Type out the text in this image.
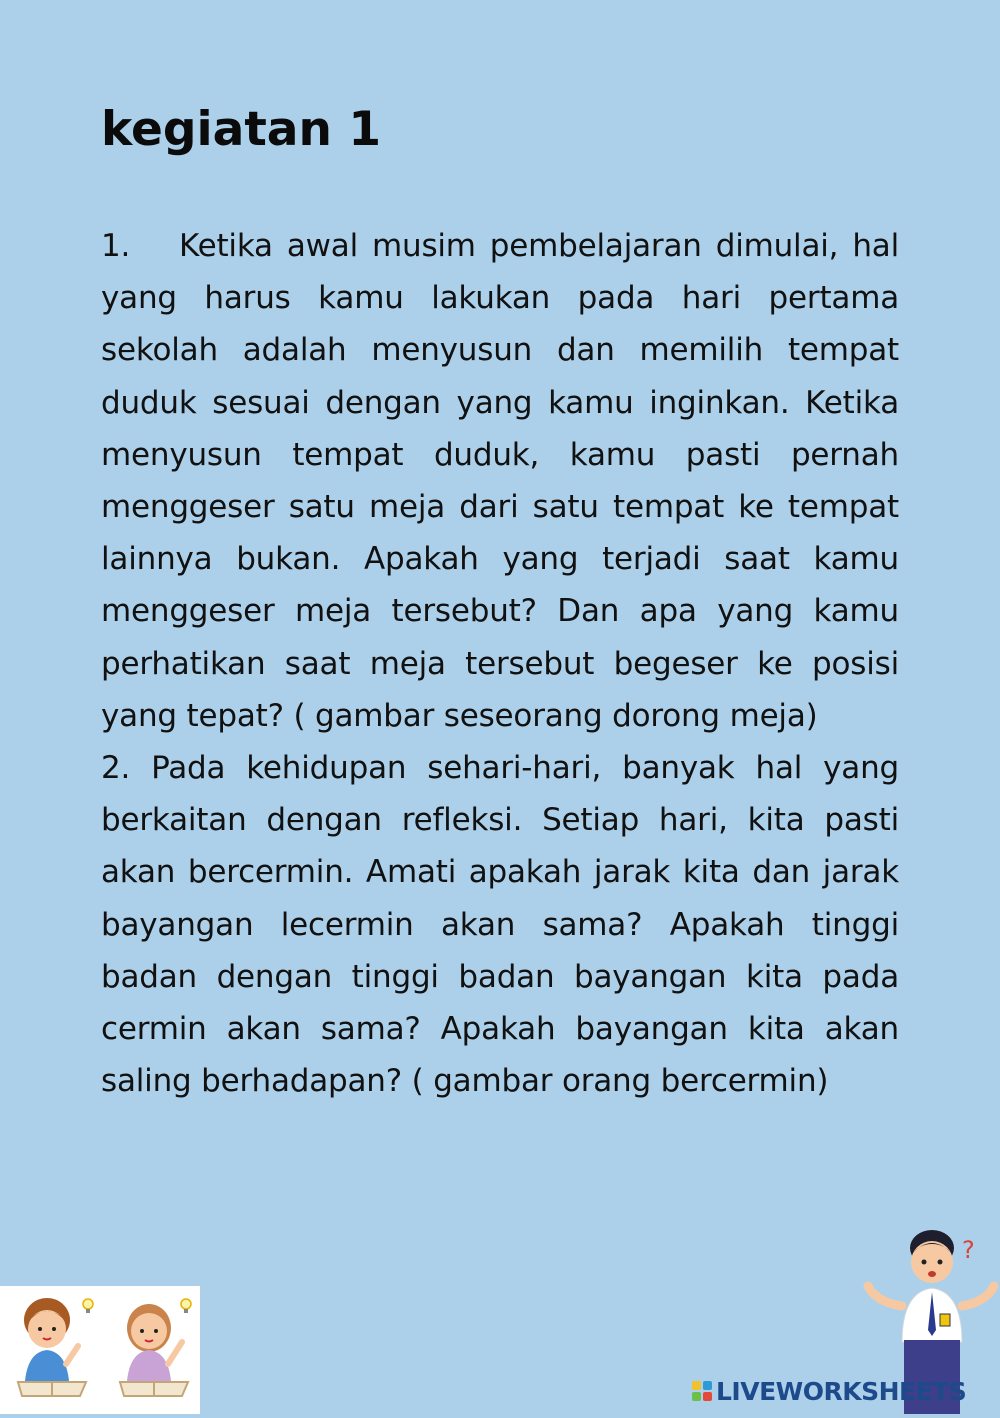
kegiatan 1

1. Ketika awal musim pembelajaran dimulai, hal yang harus kamu lakukan pada hari pertama sekolah adalah menyusun dan memilih tempat duduk sesuai dengan yang kamu inginkan. Ketika menyusun tempat duduk, kamu pasti pernah menggeser satu meja dari satu tempat ke tempat lainnya bukan. Apakah yang terjadi saat kamu menggeser meja tersebut? Dan apa yang kamu perhatikan saat meja tersebut begeser ke posisi yang tepat? ( gambar seseorang dorong meja)

2. Pada kehidupan sehari-hari, banyak hal yang berkaitan dengan refleksi. Setiap hari, kita pasti akan bercermin. Amati apakah jarak kita dan jarak bayangan lecermin akan sama? Apakah tinggi badan dengan tinggi badan bayangan kita pada cermin akan sama? Apakah bayangan kita akan saling berhadapan? ( gambar orang bercermin)

?
LIVEWORKSHEETS
